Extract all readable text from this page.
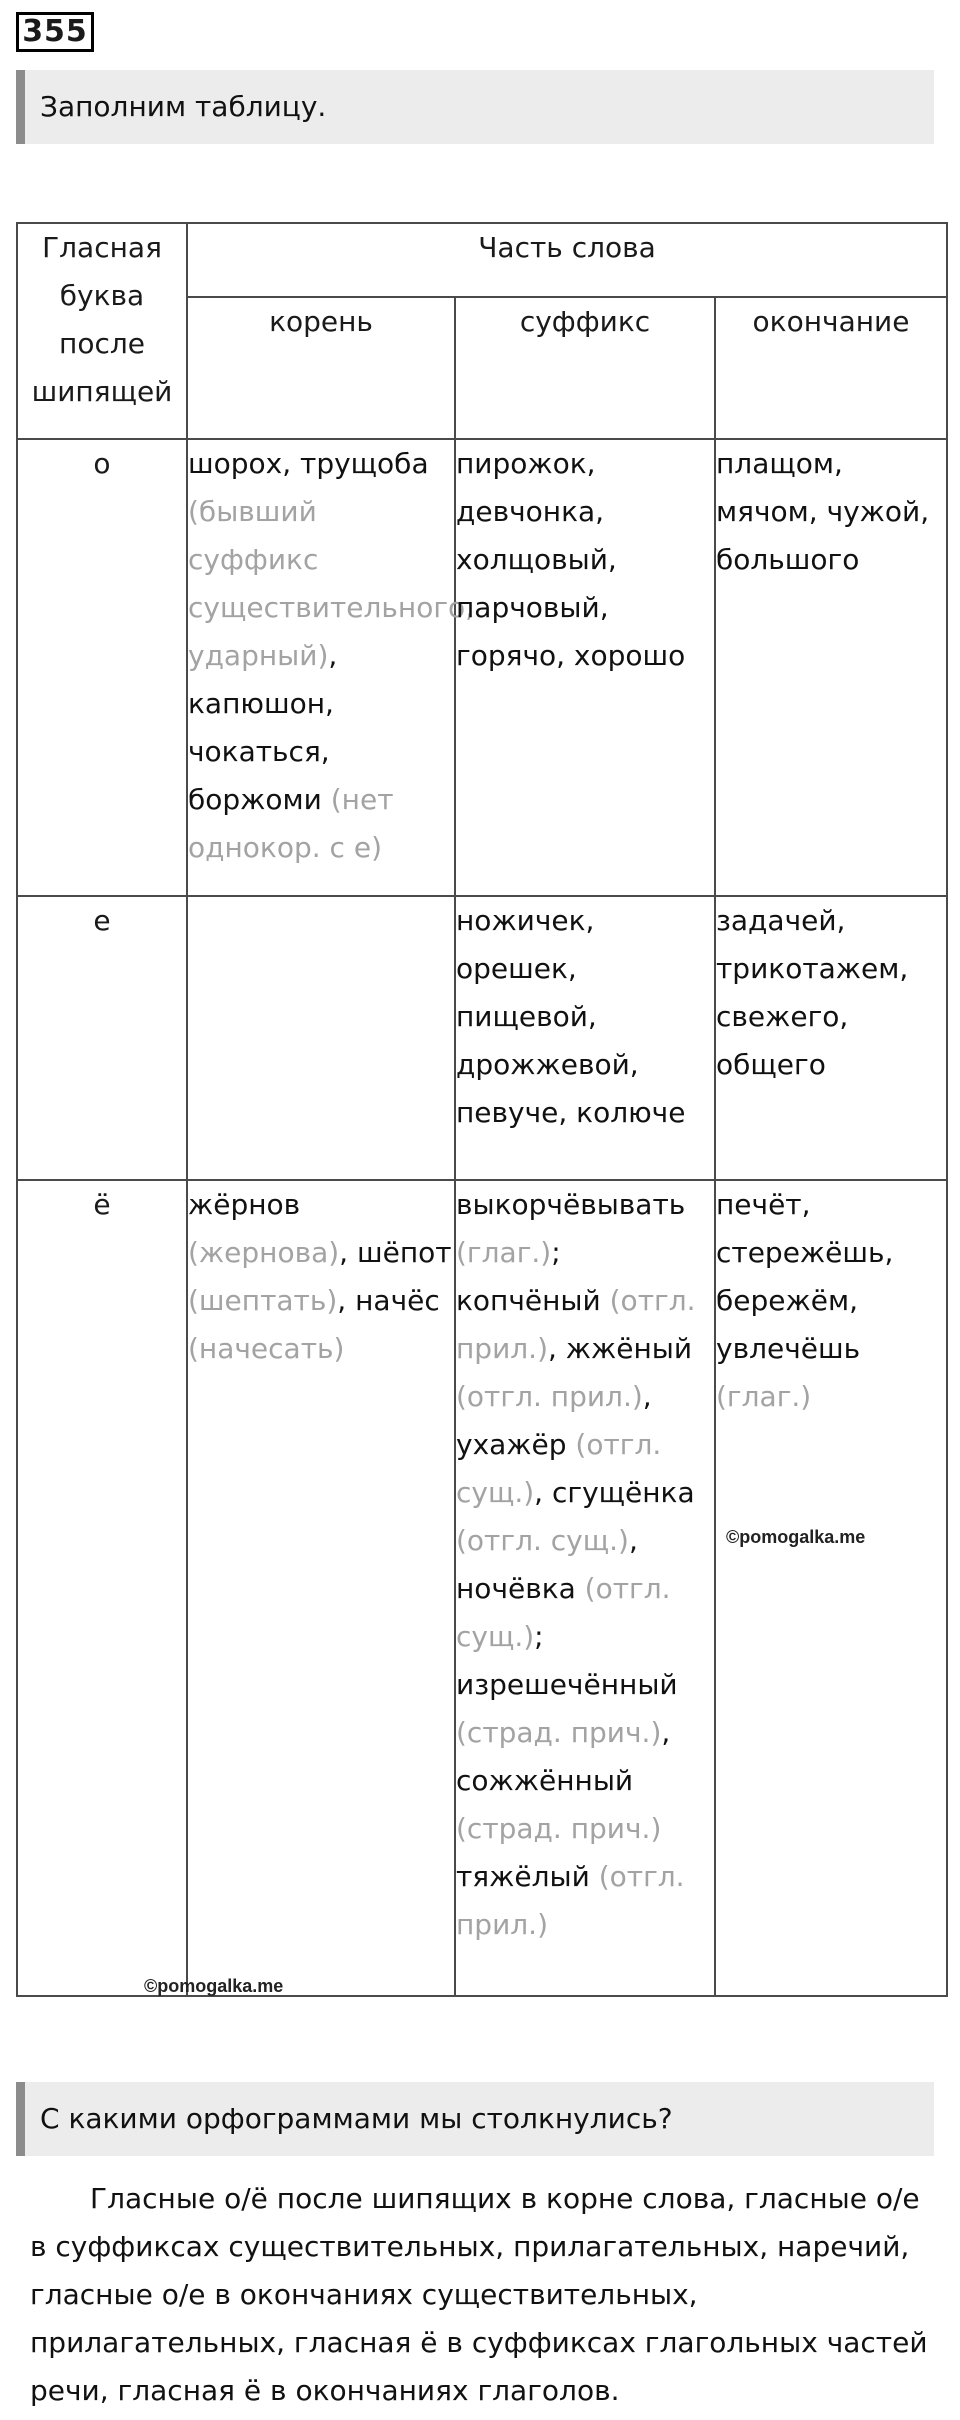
355
Заполним таблицу.
Гласная буква после шипящей	Часть слова		
	корень	суффикс	окончание
о	шорох, трущоба (бывший суффикс существительного, ударный), капюшон, чокаться, боржоми (нет однокор. с е)	пирожок, девчонка, холщовый, парчовый, горячо, хорошо	плащом, мячом, чужой, большого
е		ножичек, орешек, пищевой, дрожжевой, певуче, колюче	задачей, трикотажем, свежего, общего
ё	жёрнов (жернова), шёпот (шептать), начёс (начесать)	выкорчёвывать (глаг.); копчёный (отгл. прил.), жжёный (отгл. прил.), ухажёр (отгл. сущ.), сгущёнка (отгл. сущ.), ночёвка (отгл. сущ.); изрешечённый (страд. прич.), сожжённый (страд. прич.) тяжёлый (отгл. прил.)	печёт, стережёшь, бережём, увлечёшь (глаг.)
©pomogalka.me
©pomogalka.me
С какими орфограммами мы столкнулись?
Гласные о/ё после шипящих в корне слова, гласные о/е в суффиксах существительных, прилагательных, наречий, гласные о/е в окончаниях существительных, прилагательных, гласная ё в суффиксах глагольных частей речи, гласная ё в окончаниях глаголов.
